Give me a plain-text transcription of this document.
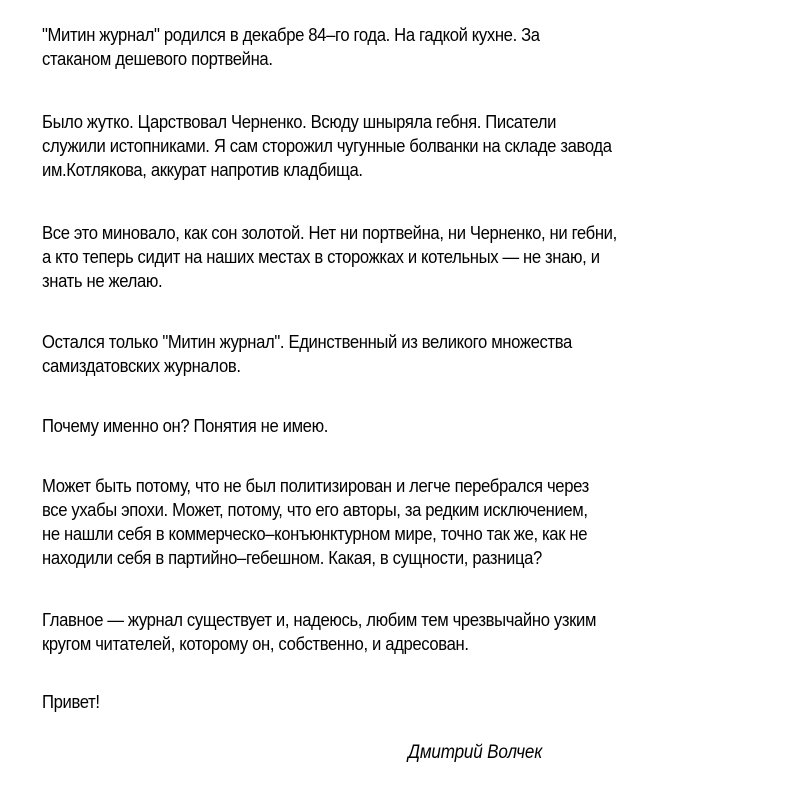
"Митин журнал" родился в декабре 84–го года. На гадкой кухне. За
стаканом дешевого портвейна.

Было жутко. Царствовал Черненко. Всюду шныряла гебня. Писатели
служили истопниками. Я сам сторожил чугунные болванки на складе завода
им.Котлякова, аккурат напротив кладбища.

Все это миновало, как сон золотой. Нет ни портвейна, ни Черненко, ни гебни,
а кто теперь сидит на наших местах в сторожках и котельных — не знаю, и
знать не желаю.

Остался только "Митин журнал". Единственный из великого множества
самиздатовских журналов.

Почему именно он? Понятия не имею.

Может быть потому, что не был политизирован и легче перебрался через
все ухабы эпохи. Может, потому, что его авторы, за редким исключением,
не нашли себя в коммерческо–конъюнктурном мире, точно так же, как не
находили себя в партийно–гебешном. Какая, в сущности, разница?

Главное — журнал существует и, надеюсь, любим тем чрезвычайно узким
кругом читателей, которому он, собственно, и адресован.

Привет!

Дмитрий Волчек
